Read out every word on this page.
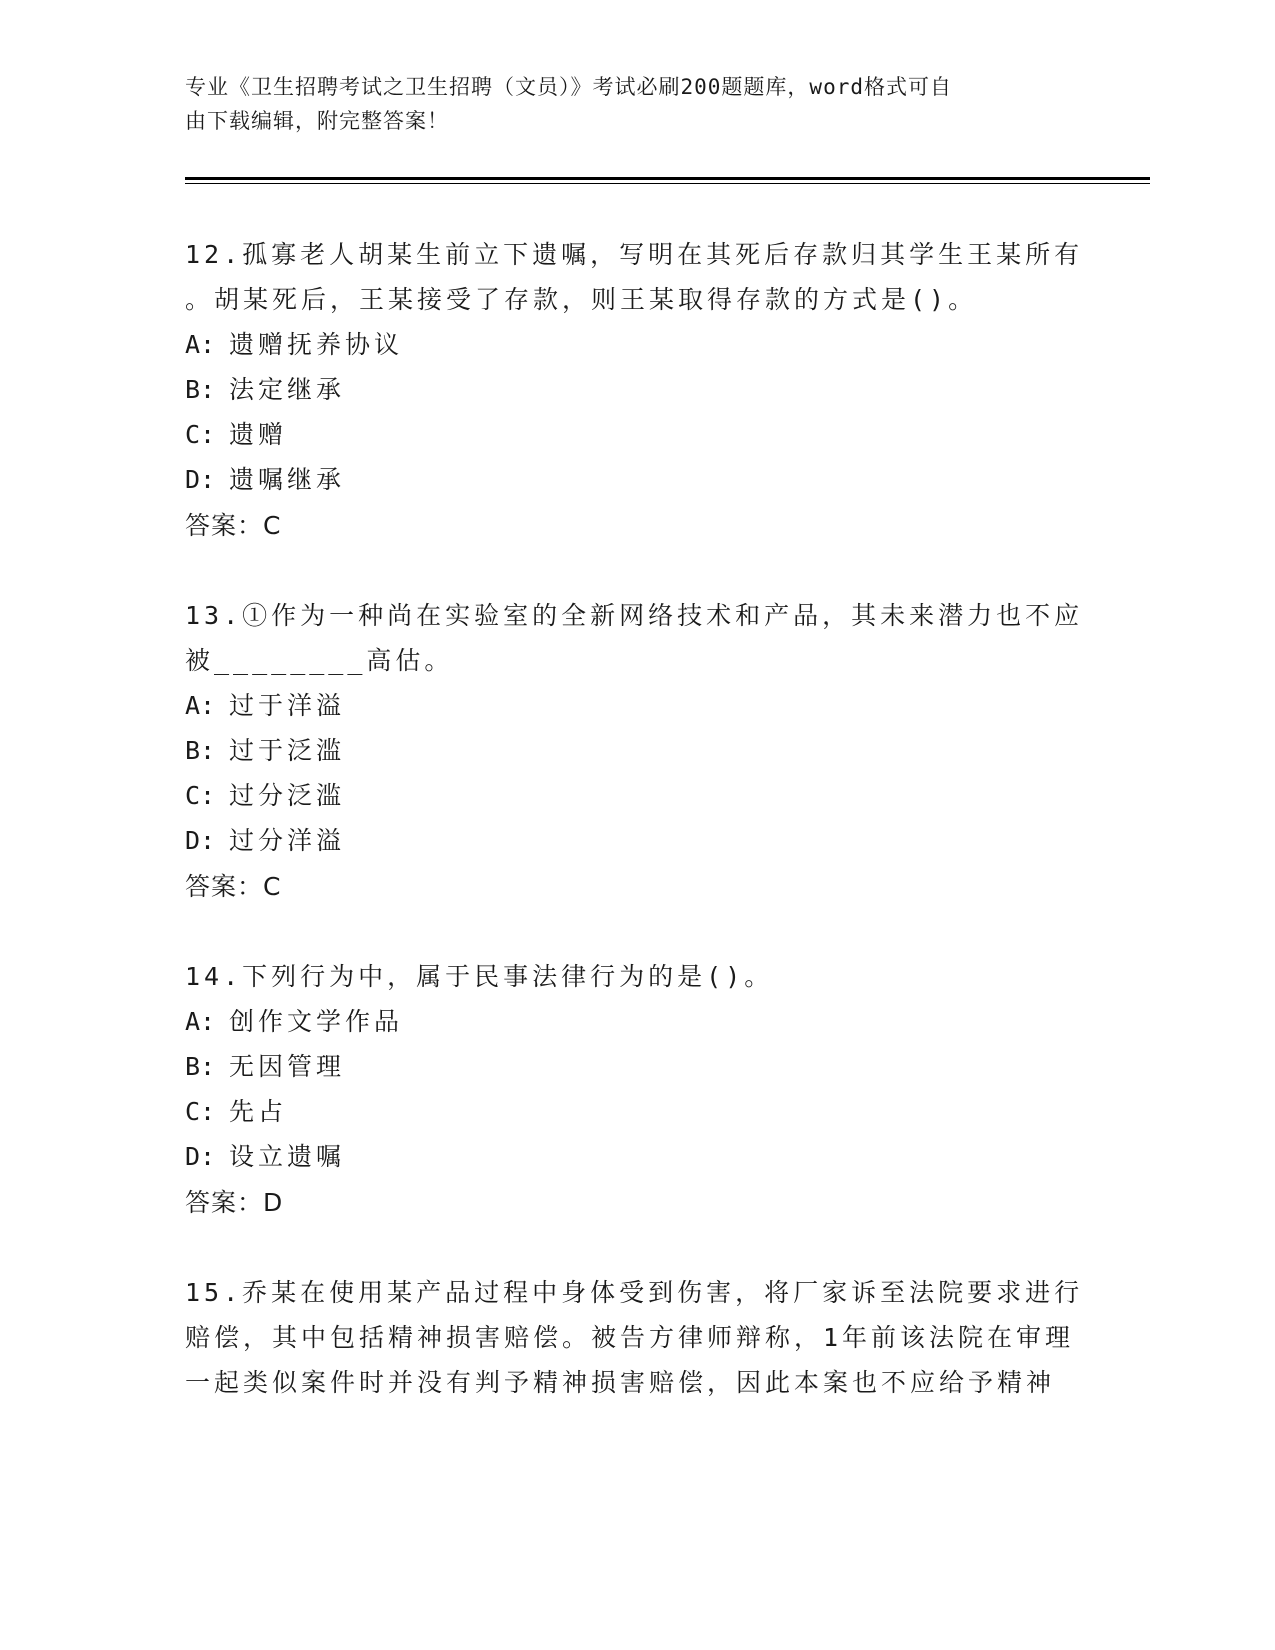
专业《卫生招聘考试之卫生招聘（文员）》考试必刷200题题库，word格式可自
由下载编辑，附完整答案！
12.孤寡老人胡某生前立下遗嘱，写明在其死后存款归其学生王某所有
。胡某死后，王某接受了存款，则王某取得存款的方式是()。
A: 遗赠抚养协议
B: 法定继承
C: 遗赠
D: 遗嘱继承
答案：C
13.①作为一种尚在实验室的全新网络技术和产品，其未来潜力也不应
被________高估。
A: 过于洋溢
B: 过于泛滥
C: 过分泛滥
D: 过分洋溢
答案：C
14.下列行为中，属于民事法律行为的是()。
A: 创作文学作品
B: 无因管理
C: 先占
D: 设立遗嘱
答案：D
15.乔某在使用某产品过程中身体受到伤害，将厂家诉至法院要求进行
赔偿，其中包括精神损害赔偿。被告方律师辩称，1年前该法院在审理
一起类似案件时并没有判予精神损害赔偿，因此本案也不应给予精神
